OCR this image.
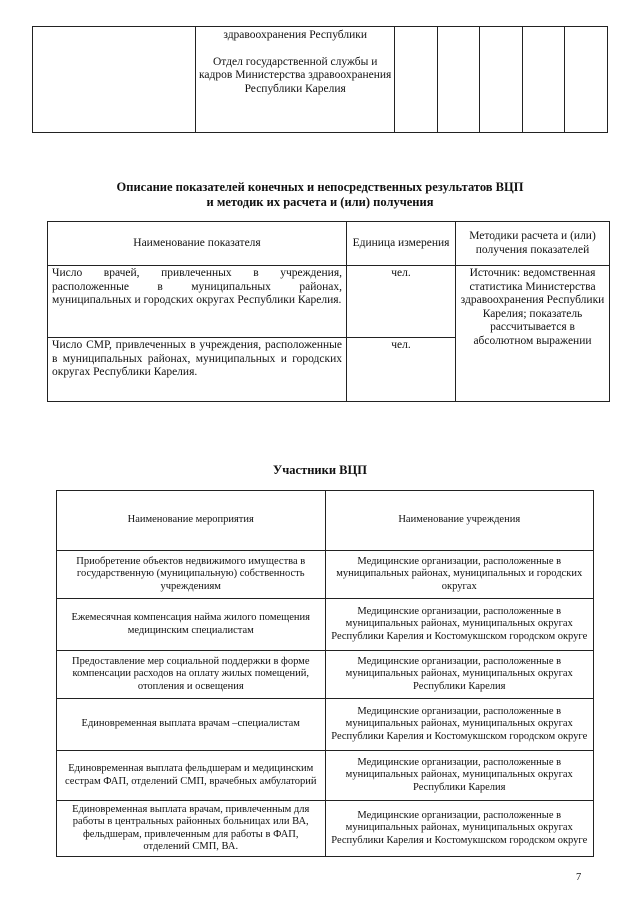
здравоохранения Республики
Отдел государственной службы и кадров Министерства здравоохранения Республики Карелия

Описание показателей конечных и непосредственных результатов ВЦП
и методик их расчета и (или) получения
Наименование показателя	Единица измерения	Методики расчета и (или) получения показателей
Число врачей, привлеченных в учреждения, расположенные в муниципальных районах, муниципальных и городских округах Республики Карелия.	чел.	Источник: ведомственная статистика Министерства здравоохранения Республики Карелия; показатель рассчитывается в абсолютном выражении
Число СМР, привлеченных в учреждения, расположенные в муниципальных районах, муниципальных и городских округах Республики Карелия.	чел.	
Участники ВЦП
Наименование мероприятия	Наименование учреждения
Приобретение объектов недвижимого имущества в государственную (муниципальную) собственность учреждениям	Медицинские организации, расположенные в муниципальных районах, муниципальных и городских округах
Ежемесячная компенсация найма жилого помещения медицинским специалистам	Медицинские организации, расположенные в муниципальных районах, муниципальных округах Республики Карелия и Костомукшском городском округе
Предоставление мер социальной поддержки в форме компенсации расходов на оплату жилых помещений, отопления и освещения	Медицинские организации, расположенные в муниципальных районах, муниципальных округах Республики Карелия
Единовременная выплата врачам –специалистам	Медицинские организации, расположенные в муниципальных районах, муниципальных округах Республики Карелия и Костомукшском городском округе
Единовременная выплата фельдшерам и медицинским сестрам ФАП, отделений СМП, врачебных амбулаторий	Медицинские организации, расположенные в муниципальных районах, муниципальных округах Республики Карелия
Единовременная выплата врачам, привлеченным для работы в центральных районных больницах или ВА, фельдшерам, привлеченным для работы в ФАП, отделений СМП, ВА.	Медицинские организации, расположенные в муниципальных районах, муниципальных округах Республики Карелия и Костомукшском городском округе
7
